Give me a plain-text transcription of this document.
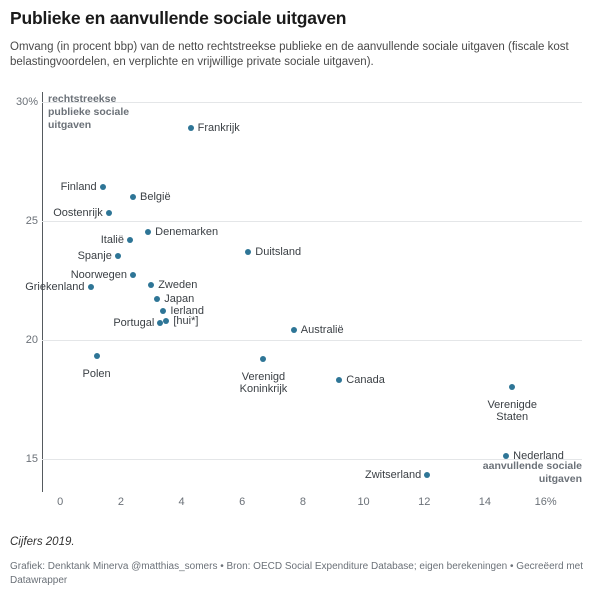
Publieke en aanvullende sociale uitgaven
Omvang (in procent bbp) van de netto rechtstreekse publieke en de aanvullende sociale uitgaven (fiscale kost belastingvoordelen, en verplichte en vrijwillige private sociale uitgaven).
30%
25
20
15
0	2	4	6	8	10	12	14	16%
rechtstreekse
publieke sociale
uitgaven
aanvullende sociale
uitgaven
Frankrijk
Finland
België
Oostenrijk
Denemarken
Italië
Duitsland
Spanje
Noorwegen
Zweden
Griekenland
Japan
Ierland
[hui*]
Portugal
Australië
Polen	Verenigd
Koninkrijk
Canada
Verenigde
Staten
Nederland
Zwitserland
Cijfers 2019.
Grafiek: Denktank Minerva @matthias_somers • Bron: OECD Social Expenditure Database; eigen berekeningen • Gecreëerd met Datawrapper
